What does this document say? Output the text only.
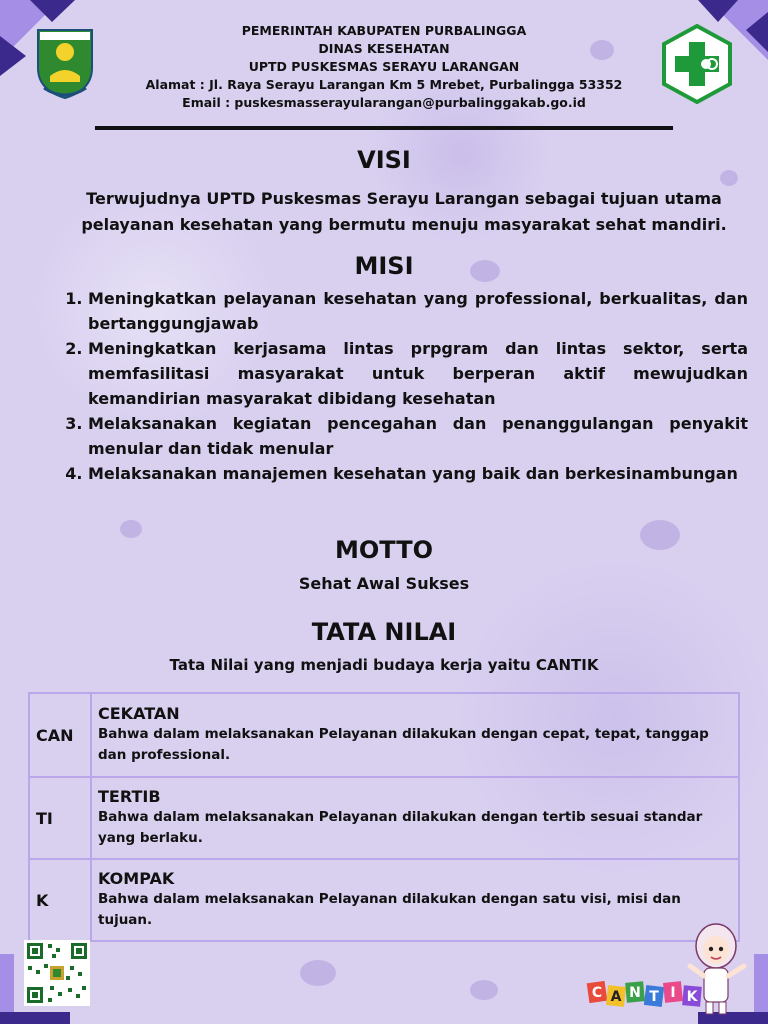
PEMERINTAH KABUPATEN PURBALINGGA
DINAS KESEHATAN
UPTD PUSKESMAS SERAYU LARANGAN
Alamat : Jl. Raya Serayu Larangan Km 5 Mrebet, Purbalingga 53352
Email : puskesmasserayularangan@purbalinggakab.go.id
VISI
Terwujudnya UPTD Puskesmas Serayu Larangan sebagai tujuan utama
pelayanan kesehatan yang bermutu menuju masyarakat sehat mandiri.
MISI
1. Meningkatkan pelayanan kesehatan yang professional, berkualitas, dan bertanggungjawab
2. Meningkatkan kerjasama lintas prpgram dan lintas sektor, serta memfasilitasi masyarakat untuk berperan aktif mewujudkan kemandirian masyarakat dibidang kesehatan
3. Melaksanakan kegiatan pencegahan dan penanggulangan penyakit menular dan tidak menular
4. Melaksanakan manajemen kesehatan yang baik dan berkesinambungan
MOTTO
Sehat Awal Sukses
TATA NILAI
Tata Nilai yang menjadi budaya kerja yaitu CANTIK
CAN	CEKATAN
Bahwa dalam melaksanakan Pelayanan dilakukan dengan cepat, tepat, tanggap dan professional.

TI	TERTIB
Bahwa dalam melaksanakan Pelayanan dilakukan dengan tertib sesuai standar yang berlaku.

K	KOMPAK
Bahwa dalam melaksanakan Pelayanan dilakukan dengan satu visi, misi dan tujuan.
C A N T I K
